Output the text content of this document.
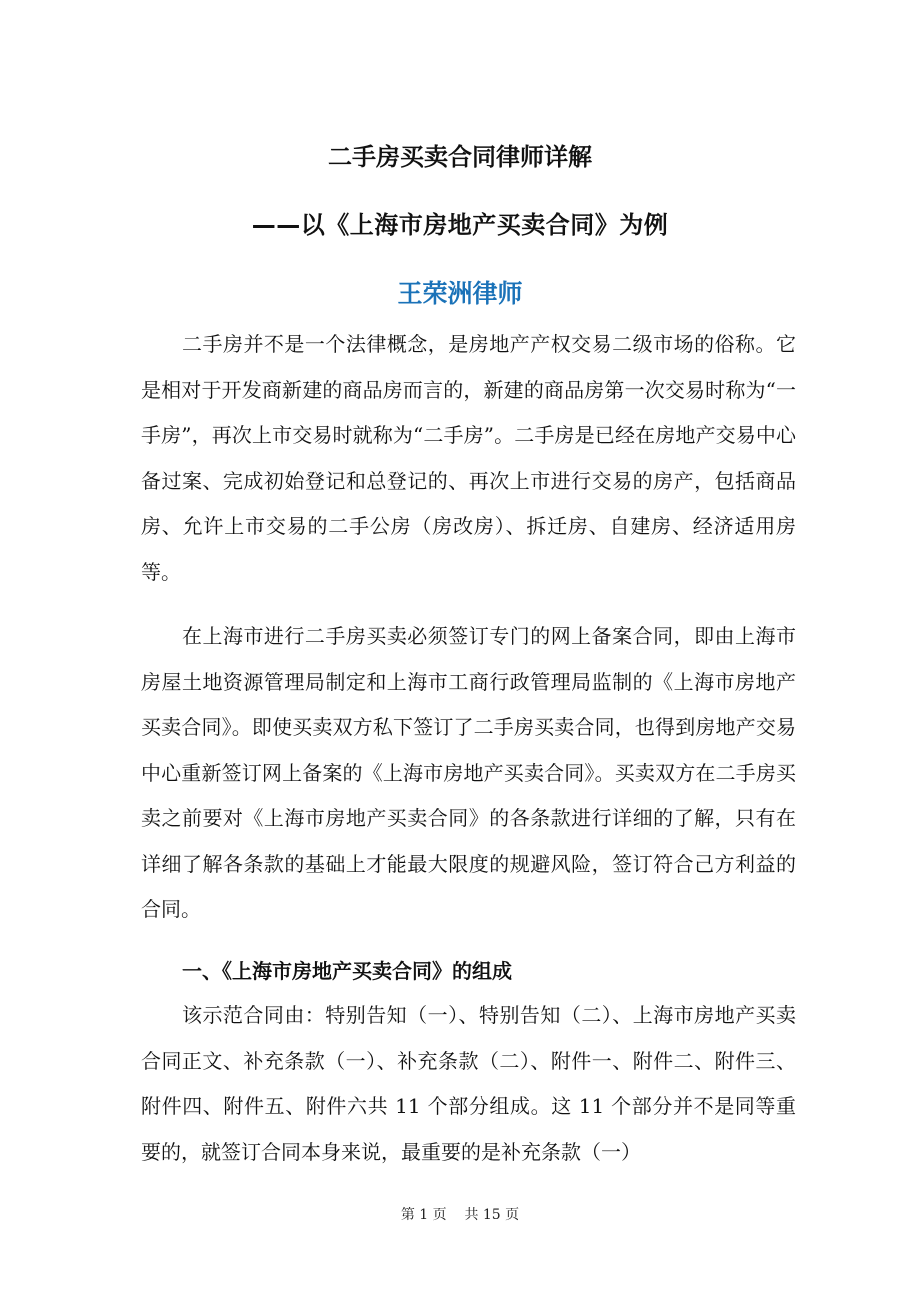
二手房买卖合同律师详解
——以《上海市房地产买卖合同》为例

王荣洲律师

二手房并不是一个法律概念，是房地产产权交易二级市场的俗称。它是相对于开发商新建的商品房而言的，新建的商品房第一次交易时称为“一手房”，再次上市交易时就称为“二手房”。二手房是已经在房地产交易中心备过案、完成初始登记和总登记的、再次上市进行交易的房产，包括商品房、允许上市交易的二手公房（房改房）、拆迁房、自建房、经济适用房等。

在上海市进行二手房买卖必须签订专门的网上备案合同，即由上海市房屋土地资源管理局制定和上海市工商行政管理局监制的《上海市房地产买卖合同》。即使买卖双方私下签订了二手房买卖合同，也得到房地产交易中心重新签订网上备案的《上海市房地产买卖合同》。买卖双方在二手房买卖之前要对《上海市房地产买卖合同》的各条款进行详细的了解，只有在详细了解各条款的基础上才能最大限度的规避风险，签订符合己方利益的合同。

一、《上海市房地产买卖合同》的组成

该示范合同由：特别告知（一）、特别告知（二）、上海市房地产买卖合同正文、补充条款（一）、补充条款（二）、附件一、附件二、附件三、附件四、附件五、附件六共 11 个部分组成。这 11 个部分并不是同等重要的，就签订合同本身来说，最重要的是补充条款（一）

第 1 页 共 15 页
